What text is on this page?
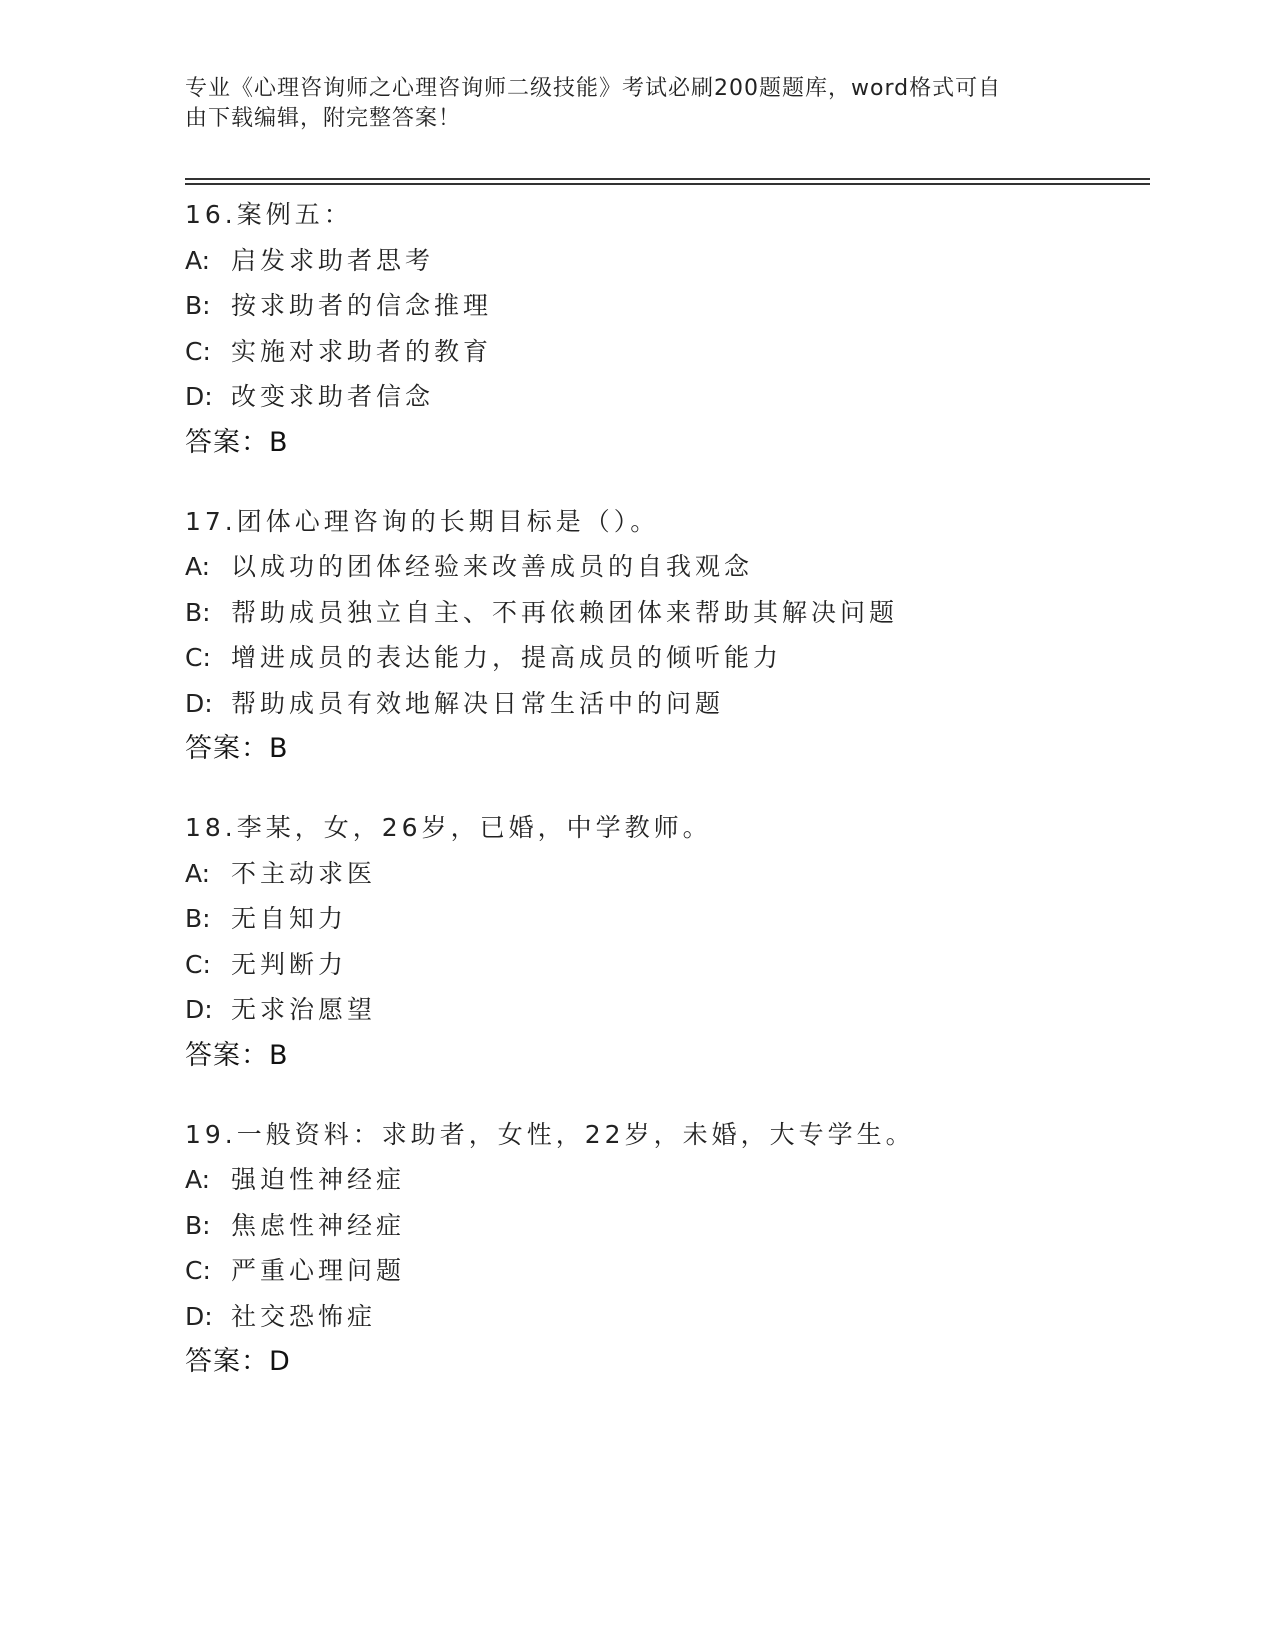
专业《心理咨询师之心理咨询师二级技能》考试必刷200题题库，word格式可自
由下载编辑，附完整答案！
16.案例五：
A: 启发求助者思考
B: 按求助者的信念推理
C: 实施对求助者的教育
D: 改变求助者信念
答案：B
17.团体心理咨询的长期目标是（）。
A: 以成功的团体经验来改善成员的自我观念
B: 帮助成员独立自主、不再依赖团体来帮助其解决问题
C: 增进成员的表达能力，提高成员的倾听能力
D: 帮助成员有效地解决日常生活中的问题
答案：B
18.李某，女，26岁，已婚，中学教师。
A: 不主动求医
B: 无自知力
C: 无判断力
D: 无求治愿望
答案：B
19.一般资料：求助者，女性，22岁，未婚，大专学生。
A: 强迫性神经症
B: 焦虑性神经症
C: 严重心理问题
D: 社交恐怖症
答案：D
